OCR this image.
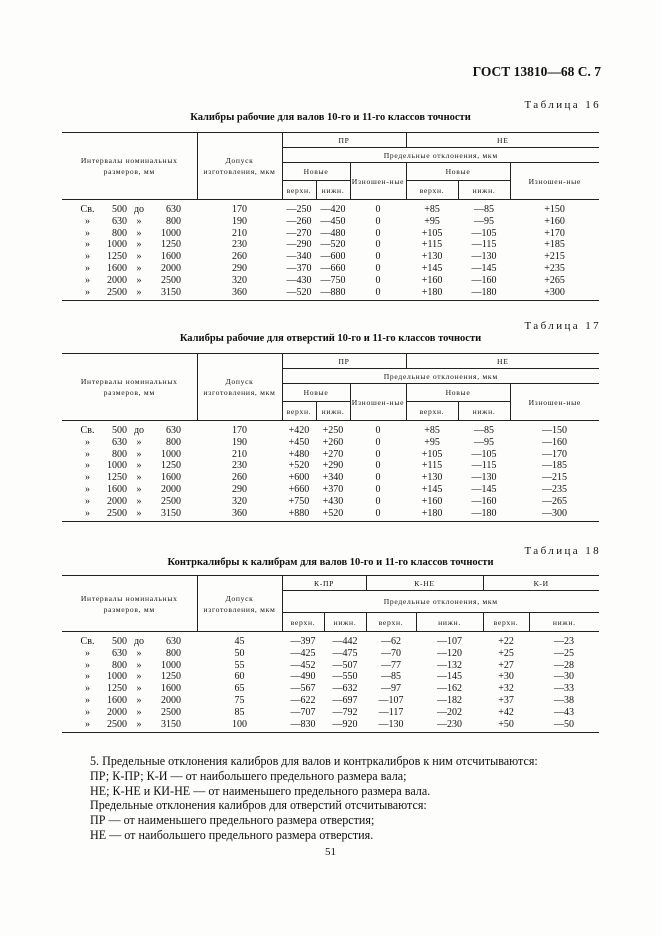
ГОСТ 13810—68 С. 7
Таблица 16
Калибры рабочие для валов 10-го и 11-го классов точности
Интервалы номинальных размеров, мм	Допуск изготовления, мкм	ПР			НЕ		
		Предельные отклонения, мкм					
		Новые		Изношен-ные	Новые		Изношен-ные
		верхн.	нижн.		верхн.	нижн.	
Св. 500 до 630	170	—250	—420	0	+85	—85	+150
» 630 » 800	190	—260	—450	0	+95	—95	+160
» 800 » 1000	210	—270	—480	0	+105	—105	+170
» 1000 » 1250	230	—290	—520	0	+115	—115	+185
» 1250 » 1600	260	—340	—600	0	+130	—130	+215
» 1600 » 2000	290	—370	—660	0	+145	—145	+235
» 2000 » 2500	320	—430	—750	0	+160	—160	+265
» 2500 » 3150	360	—520	—880	0	+180	—180	+300
Таблица 17
Калибры рабочие для отверстий 10-го и 11-го классов точности
Интервалы номинальных размеров, мм	Допуск изготовления, мкм	ПР			НЕ		
		Предельные отклонения, мкм					
		Новые		Изношен-ные	Новые		Изношен-ные
		верхн.	нижн.		верхн.	нижн.	
Св. 500 до 630	170	+420	+250	0	+85	—85	—150
» 630 » 800	190	+450	+260	0	+95	—95	—160
» 800 » 1000	210	+480	+270	0	+105	—105	—170
» 1000 » 1250	230	+520	+290	0	+115	—115	—185
» 1250 » 1600	260	+600	+340	0	+130	—130	—215
» 1600 » 2000	290	+660	+370	0	+145	—145	—235
» 2000 » 2500	320	+750	+430	0	+160	—160	—265
» 2500 » 3150	360	+880	+520	0	+180	—180	—300
Таблица 18
Контркалибры к калибрам для валов 10-го и 11-го классов точности
Интервалы номинальных размеров, мм	Допуск изготовления, мкм	К-ПР		К-НЕ		К-И	
		Предельные отклонения, мкм					
		верхн.	нижн.	верхн.	нижн.	верхн.	нижн.
Св. 500 до 630	45	—397	—442	—62	—107	+22	—23
» 630 » 800	50	—425	—475	—70	—120	+25	—25
» 800 » 1000	55	—452	—507	—77	—132	+27	—28
» 1000 » 1250	60	—490	—550	—85	—145	+30	—30
» 1250 » 1600	65	—567	—632	—97	—162	+32	—33
» 1600 » 2000	75	—622	—697	—107	—182	+37	—38
» 2000 » 2500	85	—707	—792	—117	—202	+42	—43
» 2500 » 3150	100	—830	—920	—130	—230	+50	—50
5. Предельные отклонения калибров для валов и контркалибров к ним отсчитываются:
ПР; К-ПР; К-И — от наибольшего предельного размера вала;
НЕ; К-НЕ и КИ-НЕ — от наименьшего предельного размера вала.
Предельные отклонения калибров для отверстий отсчитываются:
ПР — от наименьшего предельного размера отверстия;
НЕ — от наибольшего предельного размера отверстия.
51
